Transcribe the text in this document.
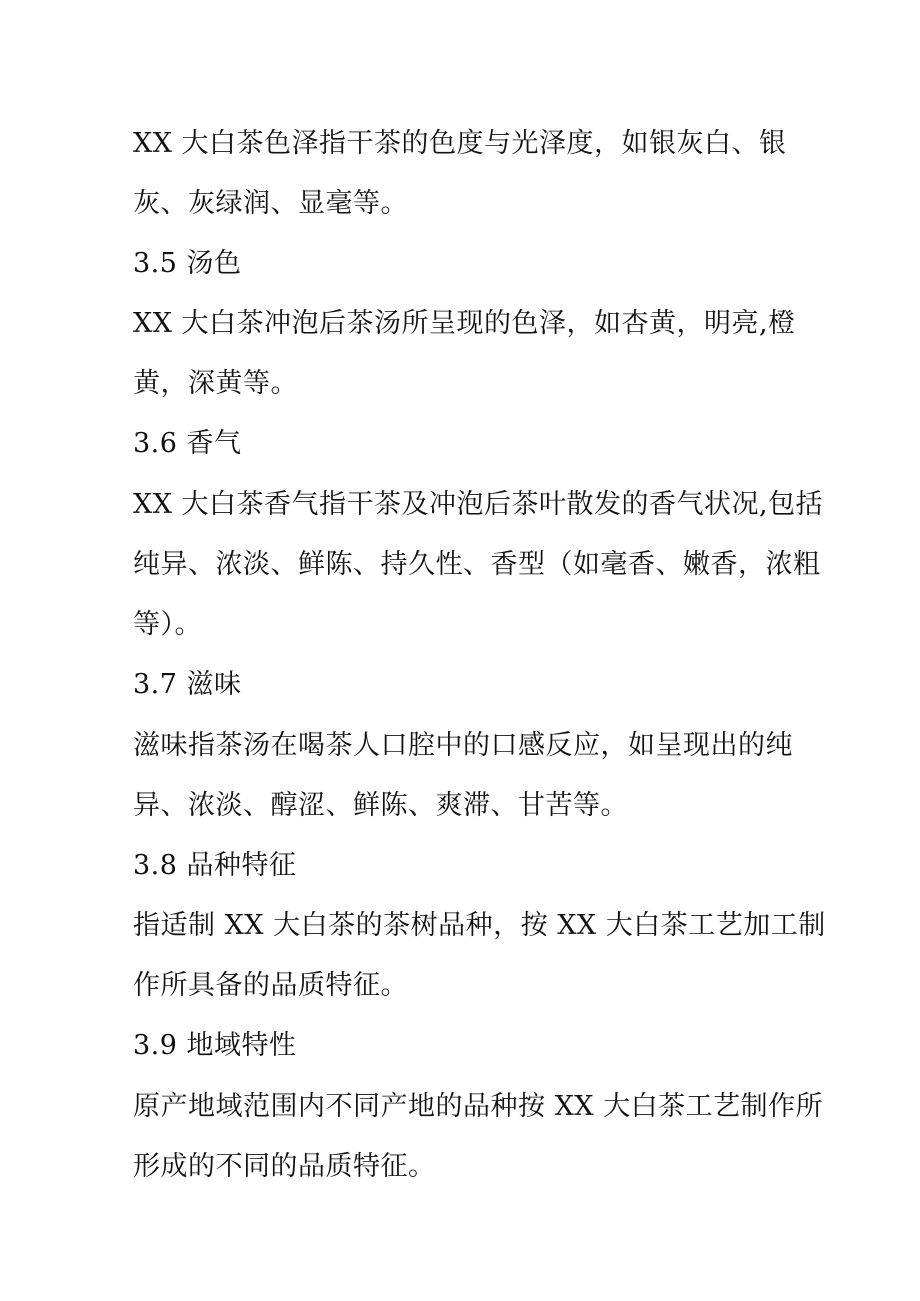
XX 大白茶色泽指干茶的色度与光泽度，如银灰白、银
灰、灰绿润、显毫等。
3.5 汤色
XX 大白茶冲泡后茶汤所呈现的色泽，如杏黄，明亮,橙
黄，深黄等。
3.6 香气
XX 大白茶香气指干茶及冲泡后茶叶散发的香气状况,包括
纯异、浓淡、鲜陈、持久性、香型（如毫香、嫩香，浓粗
等）。
3.7 滋味
滋味指茶汤在喝茶人口腔中的口感反应，如呈现出的纯
异、浓淡、醇涩、鲜陈、爽滞、甘苦等。
3.8 品种特征
指适制 XX 大白茶的茶树品种，按 XX 大白茶工艺加工制
作所具备的品质特征。
3.9 地域特性
原产地域范围内不同产地的品种按 XX 大白茶工艺制作所
形成的不同的品质特征。
